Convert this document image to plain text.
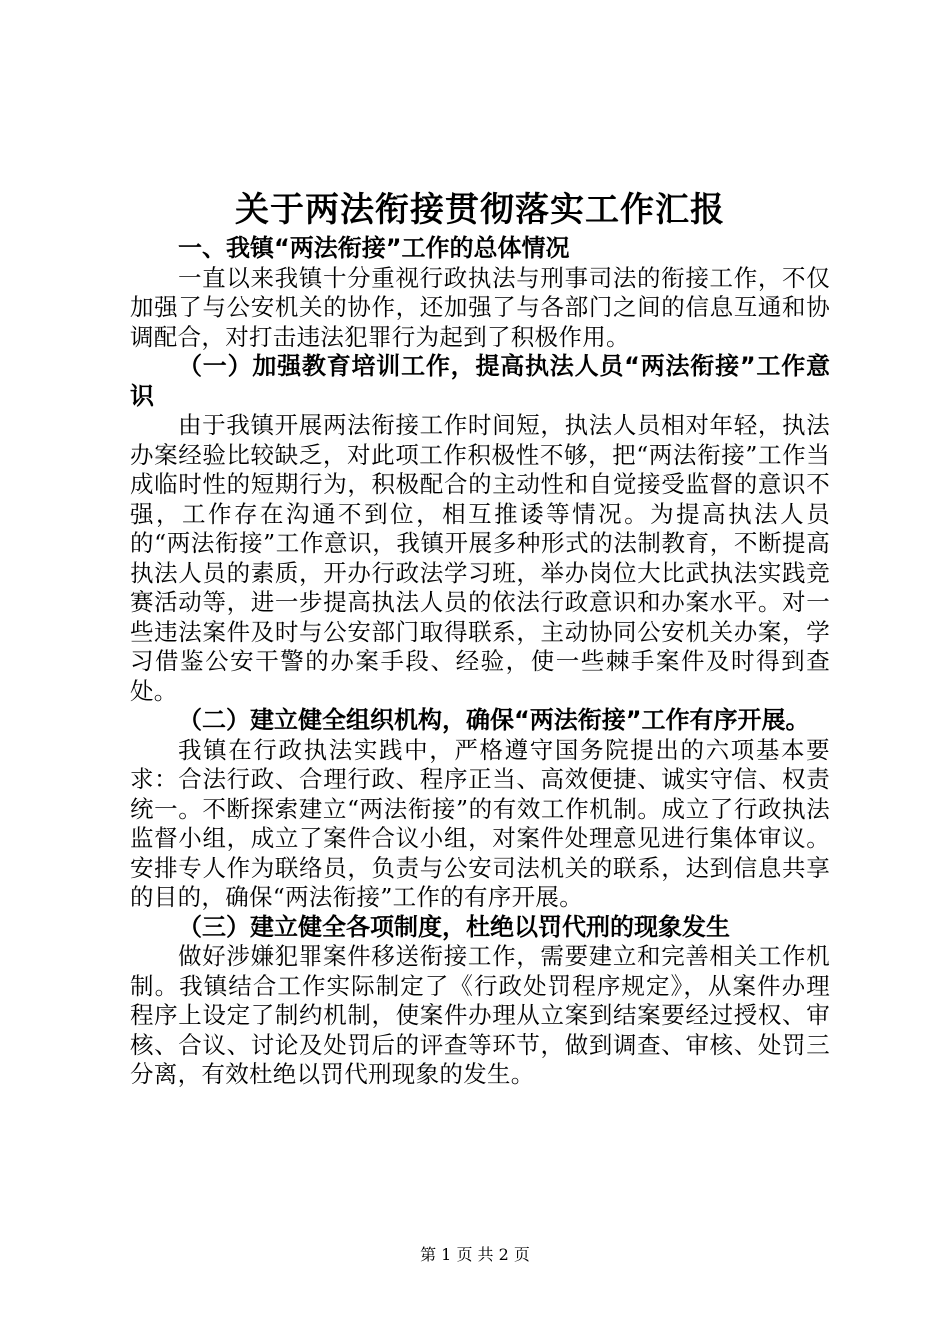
关于两法衔接贯彻落实工作汇报

一、我镇“两法衔接”工作的总体情况

一直以来我镇十分重视行政执法与刑事司法的衔接工作，不仅加强了与公安机关的协作，还加强了与各部门之间的信息互通和协调配合，对打击违法犯罪行为起到了积极作用。

（一）加强教育培训工作，提高执法人员“两法衔接”工作意识

由于我镇开展两法衔接工作时间短，执法人员相对年轻，执法办案经验比较缺乏，对此项工作积极性不够，把“两法衔接”工作当成临时性的短期行为，积极配合的主动性和自觉接受监督的意识不强，工作存在沟通不到位，相互推诿等情况。为提高执法人员的“两法衔接”工作意识，我镇开展多种形式的法制教育，不断提高执法人员的素质，开办行政法学习班，举办岗位大比武执法实践竞赛活动等，进一步提高执法人员的依法行政意识和办案水平。对一些违法案件及时与公安部门取得联系，主动协同公安机关办案，学习借鉴公安干警的办案手段、经验，使一些棘手案件及时得到查处。

（二）建立健全组织机构，确保“两法衔接”工作有序开展。

我镇在行政执法实践中，严格遵守国务院提出的六项基本要求：合法行政、合理行政、程序正当、高效便捷、诚实守信、权责统一。不断探索建立“两法衔接”的有效工作机制。成立了行政执法监督小组，成立了案件合议小组，对案件处理意见进行集体审议。安排专人作为联络员，负责与公安司法机关的联系，达到信息共享的目的，确保“两法衔接”工作的有序开展。

（三）建立健全各项制度，杜绝以罚代刑的现象发生

做好涉嫌犯罪案件移送衔接工作，需要建立和完善相关工作机制。我镇结合工作实际制定了《行政处罚程序规定》，从案件办理程序上设定了制约机制，使案件办理从立案到结案要经过授权、审核、合议、讨论及处罚后的评查等环节，做到调查、审核、处罚三分离，有效杜绝以罚代刑现象的发生。

第 1 页 共 2 页
